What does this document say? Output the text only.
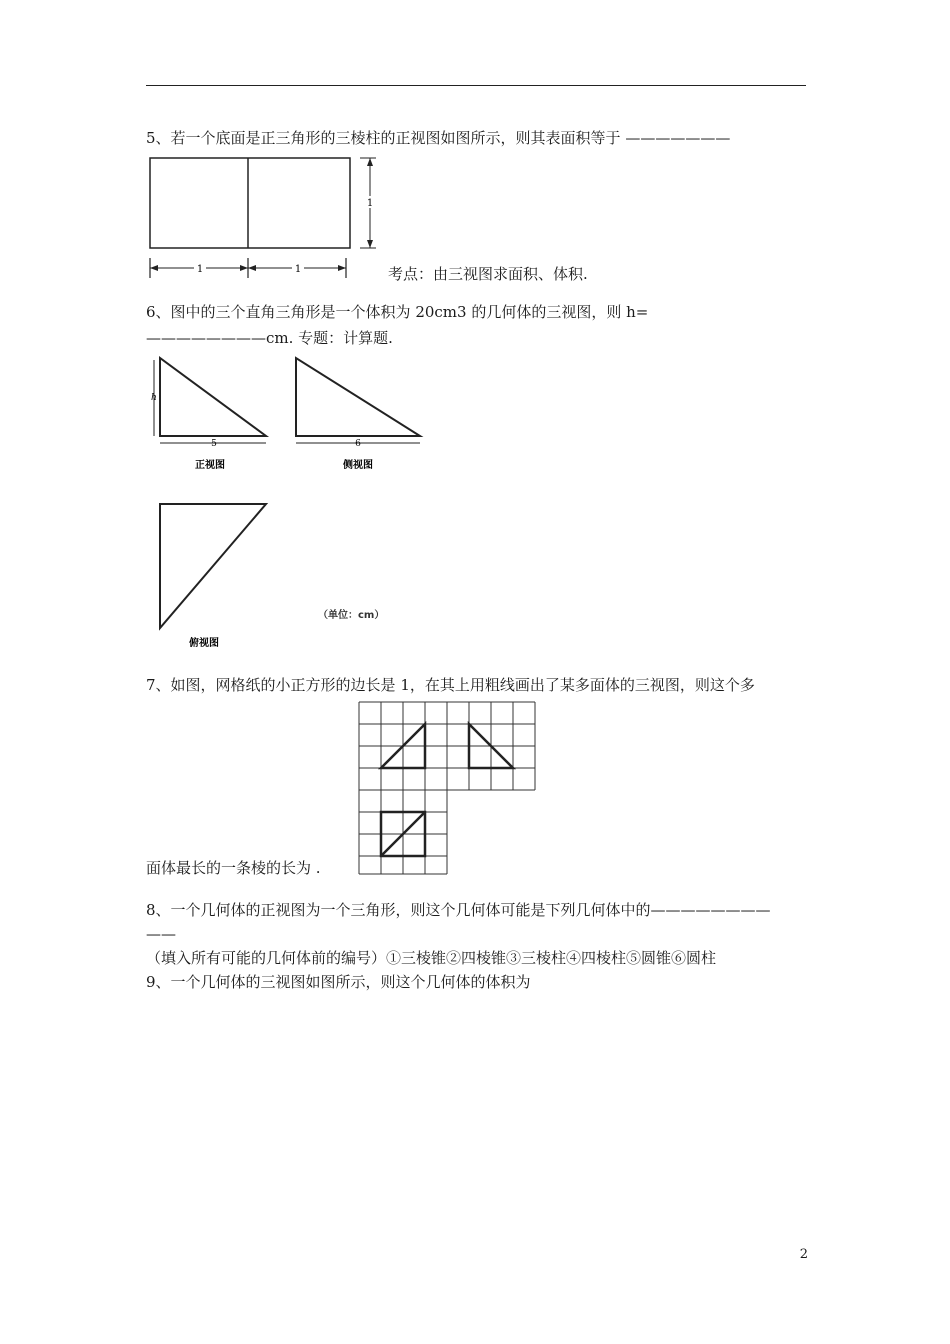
5、若一个底面是正三角形的三棱柱的正视图如图所示，则其表面积等于 ———————
1	1
1
考点：由三视图求面积、体积.
6、图中的三个直角三角形是一个体积为 20cm3 的几何体的三视图，则 h=
————————cm. 专题：计算题.
h
5
正视图
6
侧视图
俯视图
（单位：cm）
7、如图，网格纸的小正方形的边长是 1，在其上用粗线画出了某多面体的三视图，则这个多
面体最长的一条棱的长为 .
8、一个几何体的正视图为一个三角形，则这个几何体可能是下列几何体中的————————
——
（填入所有可能的几何体前的编号）①三棱锥②四棱锥③三棱柱④四棱柱⑤圆锥⑥圆柱
9、一个几何体的三视图如图所示，则这个几何体的体积为
2
